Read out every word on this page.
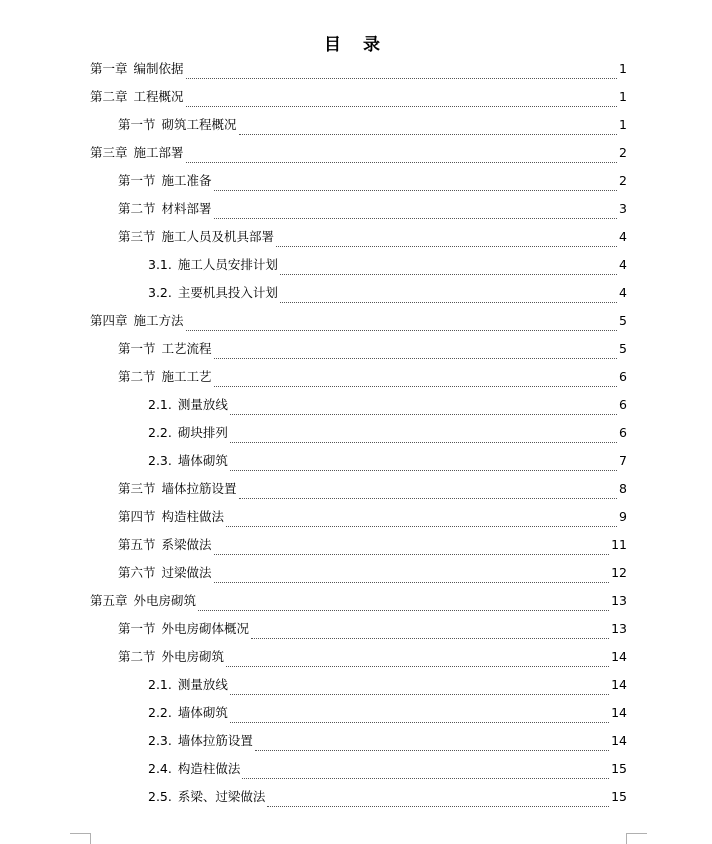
目 录
第一章 编制依据	1
第二章 工程概况	1
第一节 砌筑工程概况	1
第三章 施工部署	2
第一节 施工准备	2
第二节 材料部署	3
第三节 施工人员及机具部署	4
3.1. 施工人员安排计划	4
3.2. 主要机具投入计划	4
第四章 施工方法	5
第一节 工艺流程	5
第二节 施工工艺	6
2.1. 测量放线	6
2.2. 砌块排列	6
2.3. 墙体砌筑	7
第三节 墙体拉筋设置	8
第四节 构造柱做法	9
第五节 系梁做法	11
第六节 过梁做法	12
第五章 外电房砌筑	13
第一节 外电房砌体概况	13
第二节 外电房砌筑	14
2.1. 测量放线	14
2.2. 墙体砌筑	14
2.3. 墙体拉筋设置	14
2.4. 构造柱做法	15
2.5. 系梁、过梁做法	15
